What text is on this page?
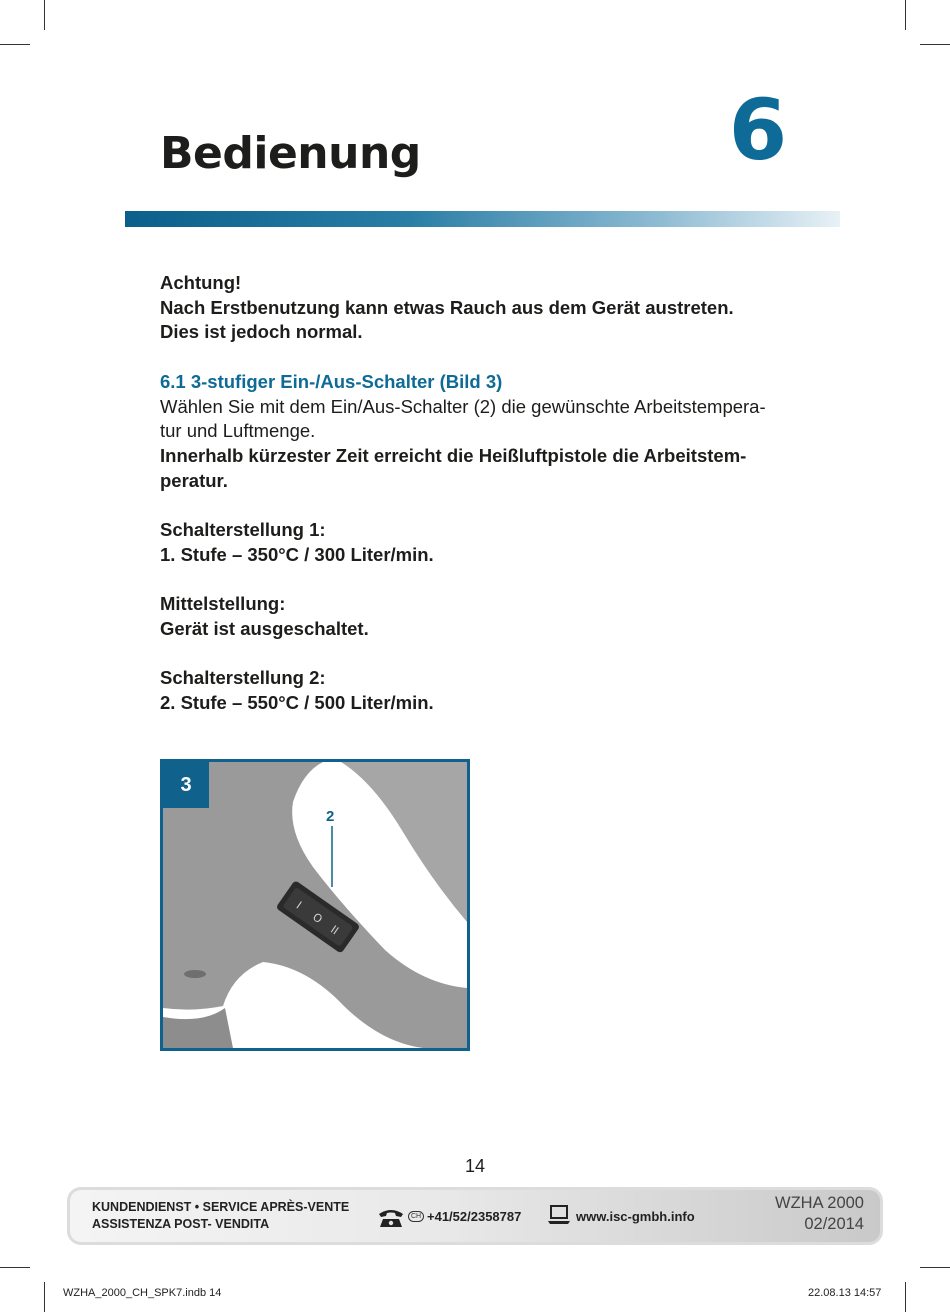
Bedienung	6

Achtung!

Nach Erstbenutzung kann etwas Rauch aus dem Gerät austreten.

Dies ist jedoch normal.

6.1 3-stufiger Ein-/Aus-Schalter (Bild 3)

Wählen Sie mit dem Ein/Aus-Schalter (2) die gewünschte Arbeitstempera-

tur und Luftmenge.

Innerhalb kürzester Zeit erreicht die Heißluftpistole die Arbeitstem-

peratur.

Schalterstellung 1:

1. Stufe – 350°C / 300 Liter/min.

Mittelstellung:

Gerät ist ausgeschaltet.

Schalterstellung 2:

2. Stufe – 550°C / 500 Liter/min.

I
O
II
2
3
14
KUNDENDIENST • SERVICE APRÈS-VENTE
ASSISTENZA POST- VENDITA
CH +41/52/2358787	www.isc-gmbh.info
WZHA 2000
02/2014
WZHA_2000_CH_SPK7.indb 14	22.08.13 14:57
